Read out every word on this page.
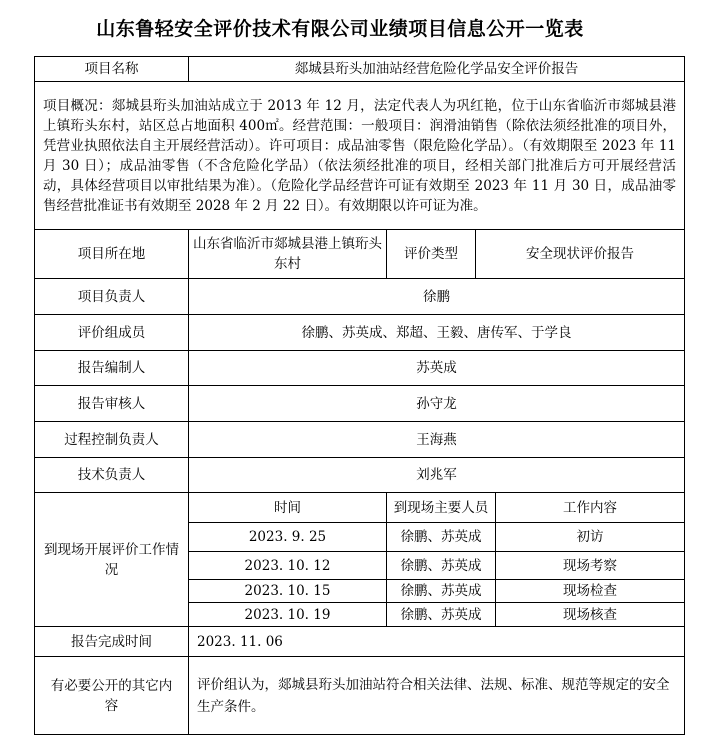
山东鲁轻安全评价技术有限公司业绩项目信息公开一览表
项目名称	郯城县珩头加油站经营危险化学品安全评价报告			
项目概况：郯城县珩头加油站成立于 2013 年 12 月，法定代表人为巩红艳，位于山东省临沂市郯城县港上镇珩头东村，站区总占地面积 400㎡。经营范围：一般项目：润滑油销售（除依法须经批准的项目外，凭营业执照依法自主开展经营活动）。许可项目：成品油零售（限危险化学品）。（有效期限至 2023 年 11 月 30 日）；成品油零售（不含危险化学品）（依法须经批准的项目，经相关部门批准后方可开展经营活动，具体经营项目以审批结果为准）。（危险化学品经营许可证有效期至 2023 年 11 月 30 日，成品油零售经营批准证书有效期至 2028 年 2 月 22 日）。有效期限以许可证为准。				
项目所在地	山东省临沂市郯城县港上镇珩头东村	评价类型	安全现状评价报告	
项目负责人	徐鹏			
评价组成员	徐鹏、苏英成、郑超、王毅、唐传军、于学良			
报告编制人	苏英成			
报告审核人	孙守龙			
过程控制负责人	王海燕			
技术负责人	刘兆军			
到现场开展评价工作情况	时间	到现场主要人员		工作内容
	2023. 9. 25	徐鹏、苏英成		初访
	2023. 10. 12	徐鹏、苏英成		现场考察
	2023. 10. 15	徐鹏、苏英成		现场检查
	2023. 10. 19	徐鹏、苏英成		现场核查
报告完成时间	2023. 11. 06			
有必要公开的其它内容	评价组认为，郯城县珩头加油站符合相关法律、法规、标准、规范等规定的安全生产条件。			
